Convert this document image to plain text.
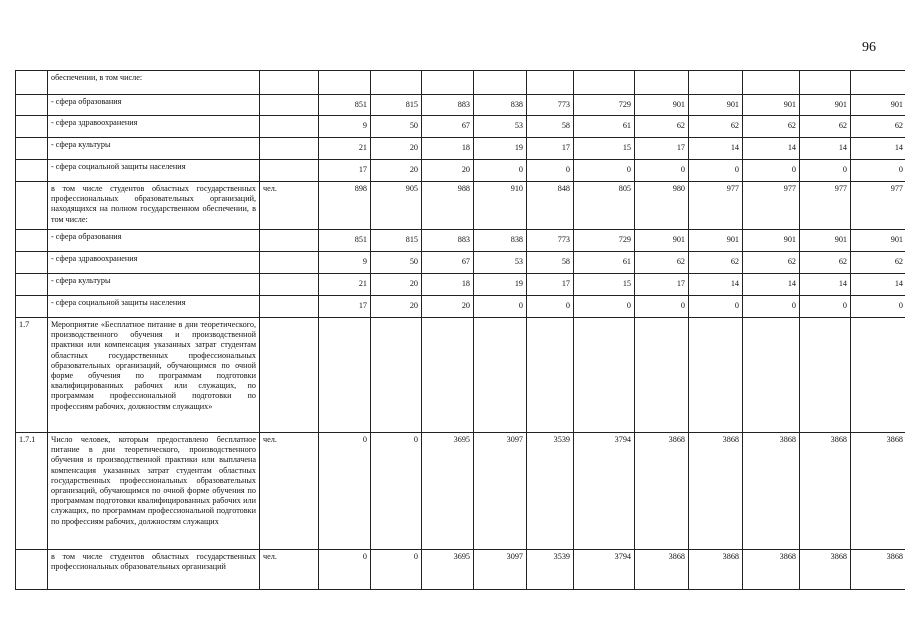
96
	обеспечении, в том числе:												
	- сфера образования		851	815	883	838	773	729	901	901	901	901	901
	- сфера здравоохранения		9	50	67	53	58	61	62	62	62	62	62
	- сфера культуры		21	20	18	19	17	15	17	14	14	14	14
	- сфера социальной защиты населения		17	20	20	0	0	0	0	0	0	0	0
	в том числе студентов областных государственных профессиональных образовательных организаций, находящихся на полном государственном обеспечении, в том числе:	чел.	898	905	988	910	848	805	980	977	977	977	977
	- сфера образования		851	815	883	838	773	729	901	901	901	901	901
	- сфера здравоохранения		9	50	67	53	58	61	62	62	62	62	62
	- сфера культуры		21	20	18	19	17	15	17	14	14	14	14
	- сфера социальной защиты населения		17	20	20	0	0	0	0	0	0	0	0
1.7	Мероприятие «Бесплатное питание в дни теоретического, производственного обучения и производственной практики или компенсация указанных затрат студентам областных государственных профессиональных образовательных организаций, обучающимся по очной форме обучения по программам подготовки квалифицированных рабочих или служащих, по программам профессиональной подготовки по профессиям рабочих, должностям служащих»												
1.7.1	Число человек, которым предоставлено бесплатное питание в дни теоретического, производственного обучения и производственной практики или выплачена компенсация указанных затрат студентам областных государственных профессиональных образовательных организаций, обучающимся по очной форме обучения по программам подготовки квалифицированных рабочих или служащих, по программам профессиональной подготовки по профессиям рабочих, должностям служащих	чел.	0	0	3695	3097	3539	3794	3868	3868	3868	3868	3868
	в том числе студентов областных государственных профессиональных образовательных организаций	чел.	0	0	3695	3097	3539	3794	3868	3868	3868	3868	3868
